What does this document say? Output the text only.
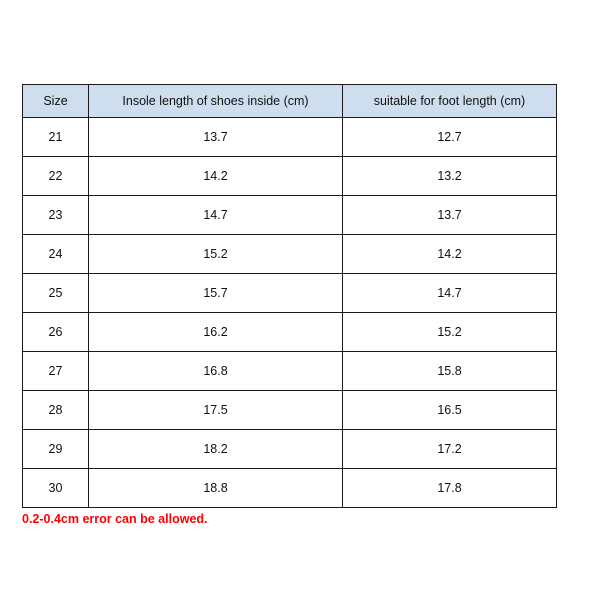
Size	Insole length of shoes inside (cm)	suitable for foot length (cm)
21	13.7	12.7
22	14.2	13.2
23	14.7	13.7
24	15.2	14.2
25	15.7	14.7
26	16.2	15.2
27	16.8	15.8
28	17.5	16.5
29	18.2	17.2
30	18.8	17.8
0.2-0.4cm error can be allowed.
